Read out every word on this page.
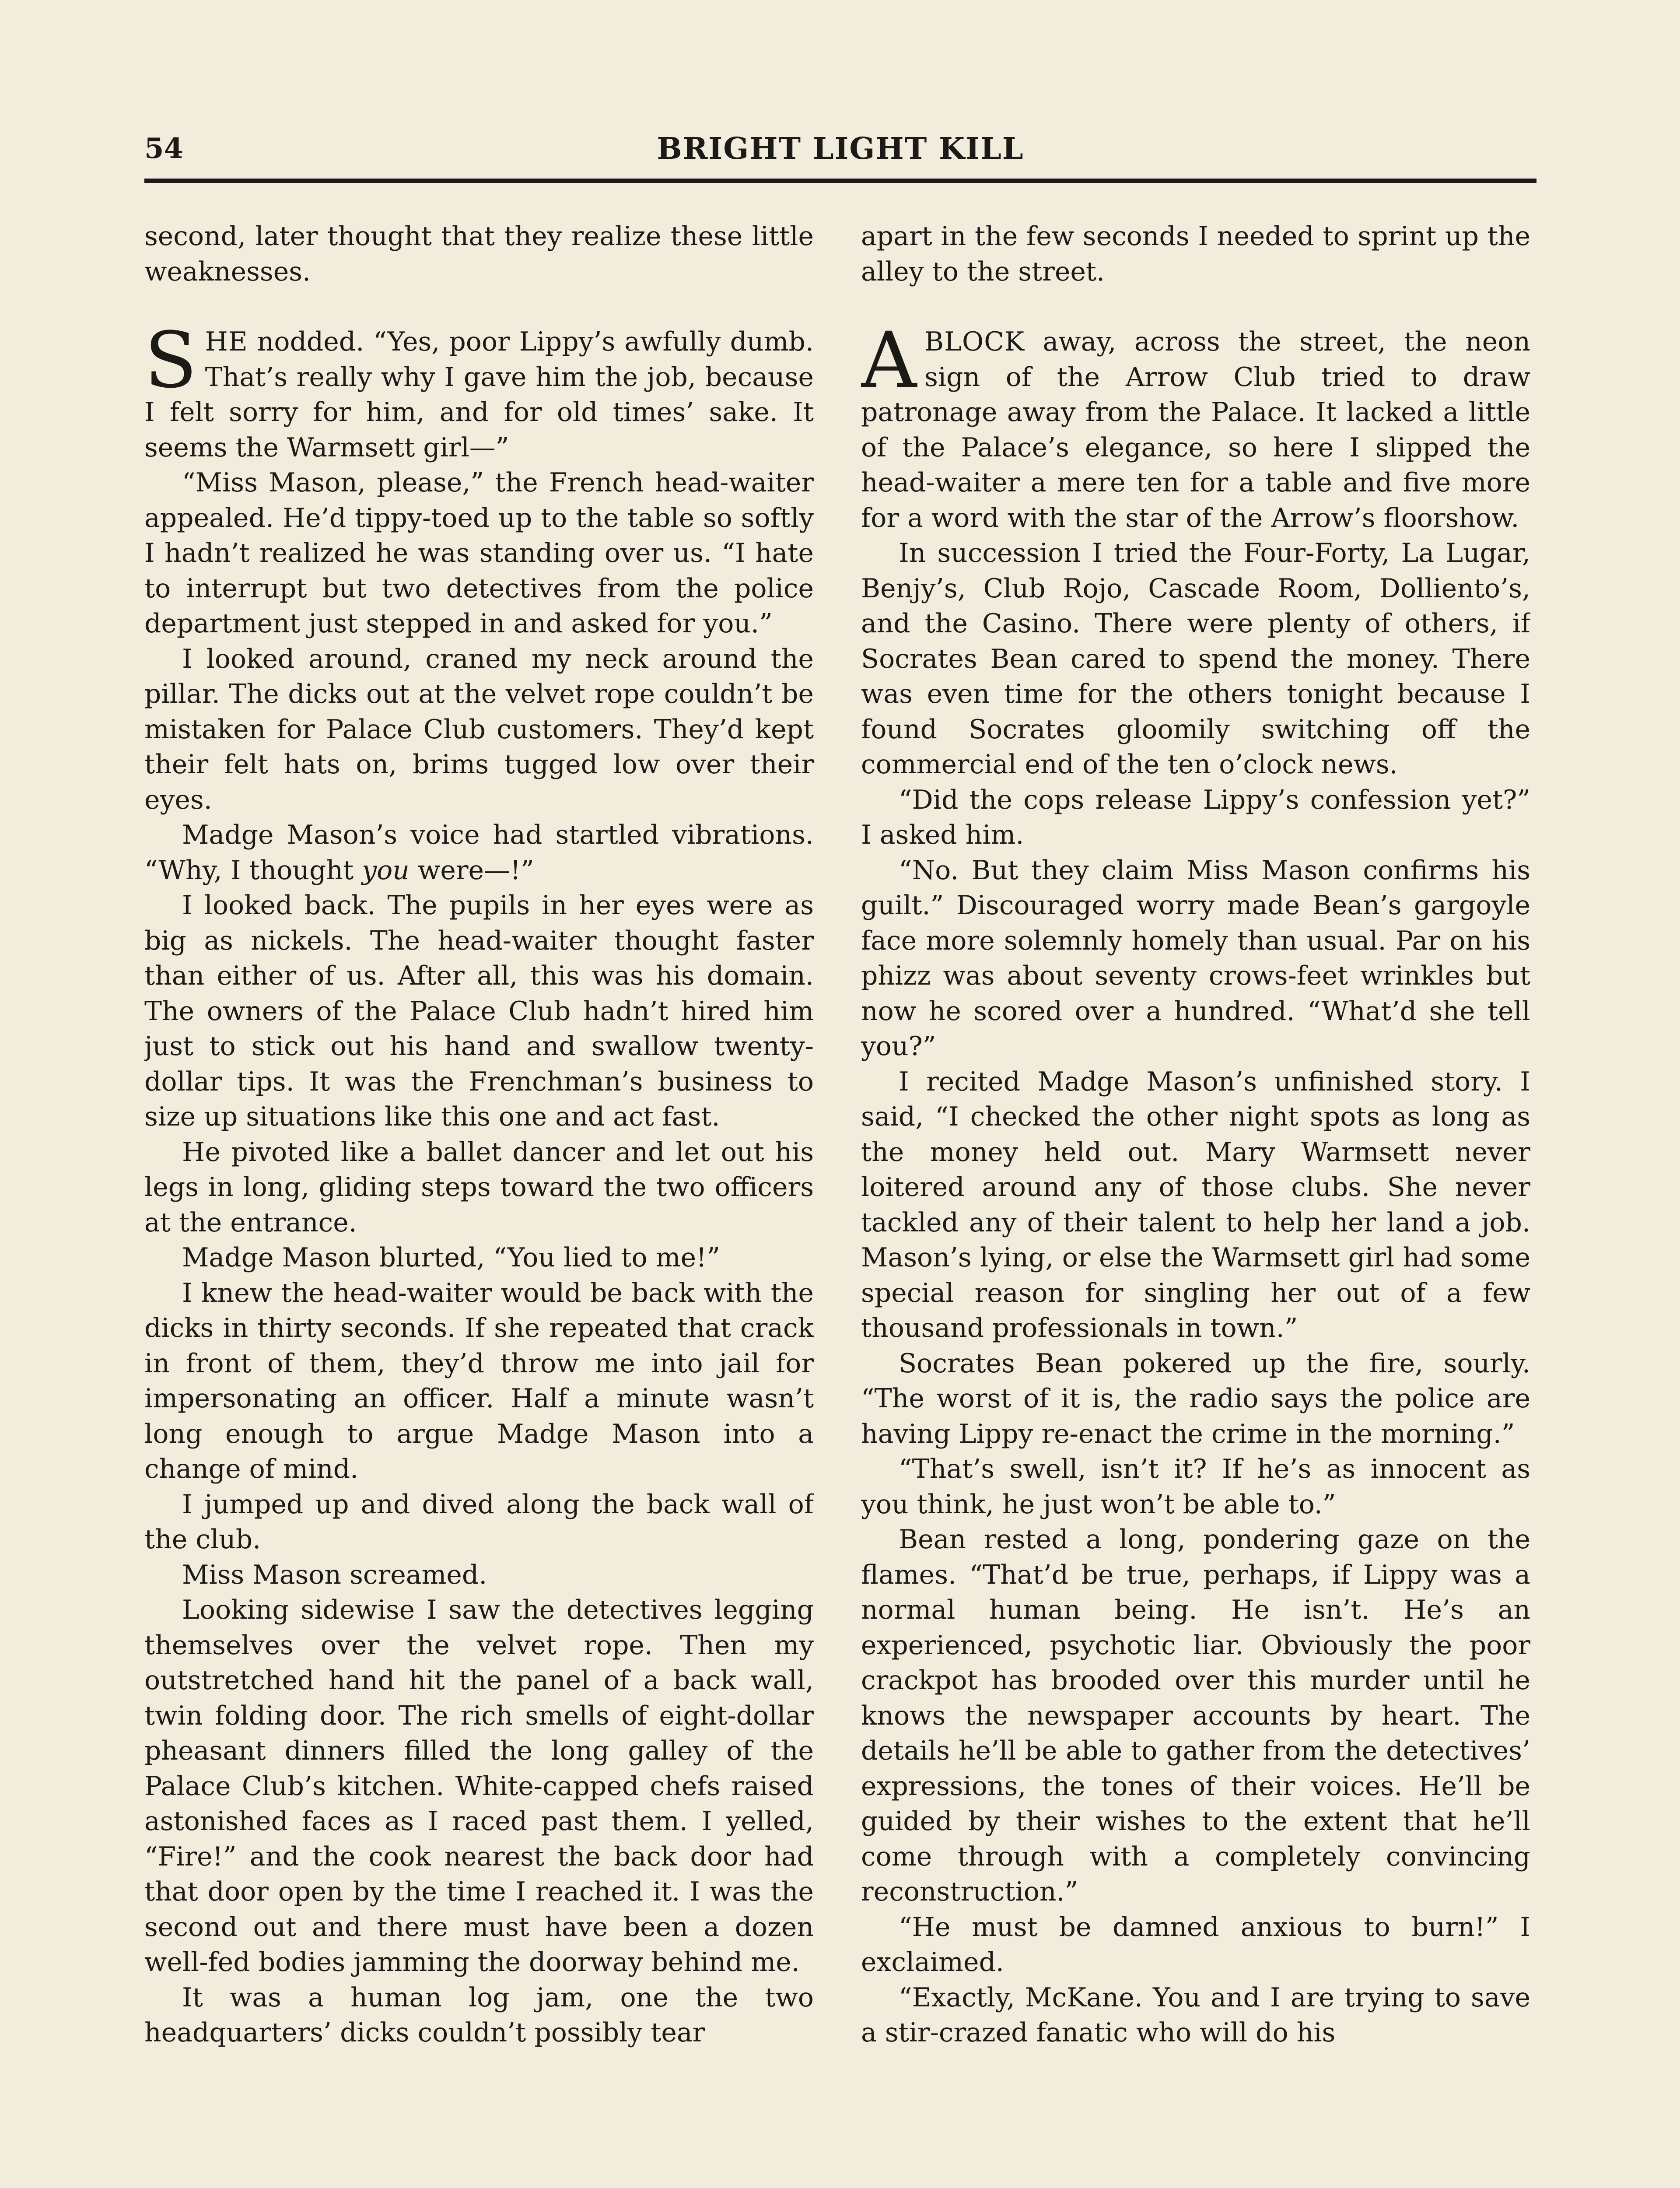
54	BRIGHT LIGHT KILL

second, later thought that they realize these little weaknesses.

SHE nodded. “Yes, poor Lippy’s awfully dumb. That’s really why I gave him the job, because I felt sorry for him, and for old times’ sake. It seems the Warmsett girl—”

“Miss Mason, please,” the French head-waiter appealed. He’d tippy-toed up to the table so softly I hadn’t realized he was standing over us. “I hate to interrupt but two detectives from the police department just stepped in and asked for you.”

I looked around, craned my neck around the pillar. The dicks out at the velvet rope couldn’t be mistaken for Palace Club customers. They’d kept their felt hats on, brims tugged low over their eyes.

Madge Mason’s voice had startled vibrations. “Why, I thought you were—!”

I looked back. The pupils in her eyes were as big as nickels. The head-waiter thought faster than either of us. After all, this was his domain. The owners of the Palace Club hadn’t hired him just to stick out his hand and swallow twenty-dollar tips. It was the Frenchman’s business to size up situations like this one and act fast.

He pivoted like a ballet dancer and let out his legs in long, gliding steps toward the two officers at the entrance.

Madge Mason blurted, “You lied to me!”

I knew the head-waiter would be back with the dicks in thirty seconds. If she repeated that crack in front of them, they’d throw me into jail for impersonating an officer. Half a minute wasn’t long enough to argue Madge Mason into a change of mind.

I jumped up and dived along the back wall of the club.

Miss Mason screamed.

Looking sidewise I saw the detectives legging themselves over the velvet rope. Then my outstretched hand hit the panel of a back wall, twin folding door. The rich smells of eight-dollar pheasant dinners filled the long galley of the Palace Club’s kitchen. White-capped chefs raised astonished faces as I raced past them. I yelled, “Fire!” and the cook nearest the back door had that door open by the time I reached it. I was the second out and there must have been a dozen well-fed bodies jamming the doorway behind me.

It was a human log jam, one the two headquarters’ dicks couldn’t possibly tear

apart in the few seconds I needed to sprint up the alley to the street.

ABLOCK away, across the street, the neon sign of the Arrow Club tried to draw patronage away from the Palace. It lacked a little of the Palace’s elegance, so here I slipped the head-waiter a mere ten for a table and five more for a word with the star of the Arrow’s floorshow.

In succession I tried the Four-Forty, La Lugar, Benjy’s, Club Rojo, Cascade Room, Dolliento’s, and the Casino. There were plenty of others, if Socrates Bean cared to spend the money. There was even time for the others tonight because I found Socrates gloomily switching off the commercial end of the ten o’clock news.

“Did the cops release Lippy’s confession yet?” I asked him.

“No. But they claim Miss Mason confirms his guilt.” Discouraged worry made Bean’s gargoyle face more solemnly homely than usual. Par on his phizz was about seventy crows-feet wrinkles but now he scored over a hundred. “What’d she tell you?”

I recited Madge Mason’s unfinished story. I said, “I checked the other night spots as long as the money held out. Mary Warmsett never loitered around any of those clubs. She never tackled any of their talent to help her land a job. Mason’s lying, or else the Warmsett girl had some special reason for singling her out of a few thousand professionals in town.”

Socrates Bean pokered up the fire, sourly. “The worst of it is, the radio says the police are having Lippy re-enact the crime in the morning.”

“That’s swell, isn’t it? If he’s as innocent as you think, he just won’t be able to.”

Bean rested a long, pondering gaze on the flames. “That’d be true, perhaps, if Lippy was a normal human being. He isn’t. He’s an experienced, psychotic liar. Obviously the poor crackpot has brooded over this murder until he knows the newspaper accounts by heart. The details he’ll be able to gather from the detectives’ expressions, the tones of their voices. He’ll be guided by their wishes to the extent that he’ll come through with a completely convincing reconstruction.”

“He must be damned anxious to burn!” I exclaimed.

“Exactly, McKane. You and I are trying to save a stir-crazed fanatic who will do his
